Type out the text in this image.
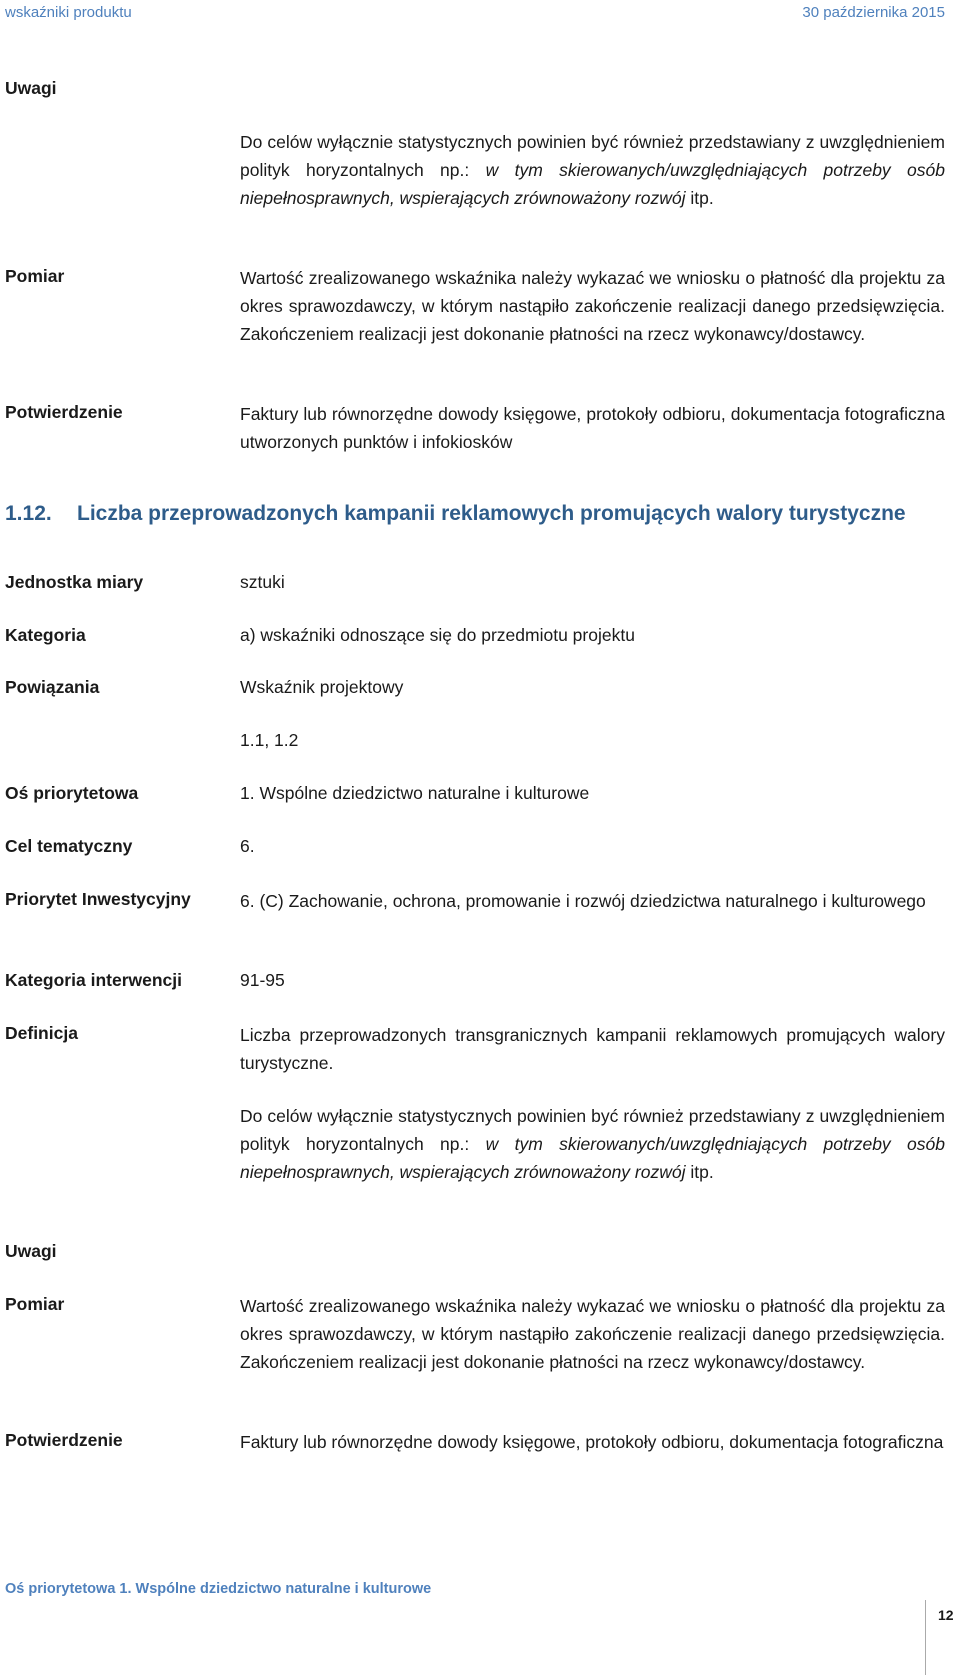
wskaźniki produktu	30 października 2015
Uwagi
Do celów wyłącznie statystycznych powinien być również przedstawiany z uwzględnieniem polityk horyzontalnych np.: w tym skierowanych/uwzględniających potrzeby osób niepełnosprawnych, wspierających zrównoważony rozwój itp.
Pomiar	Wartość zrealizowanego wskaźnika należy wykazać we wniosku o płatność dla projektu za okres sprawozdawczy, w którym nastąpiło zakończenie realizacji danego przedsięwzięcia. Zakończeniem realizacji jest dokonanie płatności na rzecz wykonawcy/dostawcy.
Potwierdzenie	Faktury lub równorzędne dowody księgowe, protokoły odbioru, dokumentacja fotograficzna utworzonych punktów i infokiosków
1.12. Liczba przeprowadzonych kampanii reklamowych promujących walory turystyczne
Jednostka miary	sztuki
Kategoria	a) wskaźniki odnoszące się do przedmiotu projektu
Powiązania	Wskaźnik projektowy
1.1, 1.2
Oś priorytetowa	1. Wspólne dziedzictwo naturalne i kulturowe
Cel tematyczny	6.
Priorytet Inwestycyjny	6. (C) Zachowanie, ochrona, promowanie i rozwój dziedzictwa naturalnego i kulturowego
Kategoria interwencji	91-95
Definicja	Liczba przeprowadzonych transgranicznych kampanii reklamowych promujących walory turystyczne.
Do celów wyłącznie statystycznych powinien być również przedstawiany z uwzględnieniem polityk horyzontalnych np.: w tym skierowanych/uwzględniających potrzeby osób niepełnosprawnych, wspierających zrównoważony rozwój itp.
Uwagi
Pomiar	Wartość zrealizowanego wskaźnika należy wykazać we wniosku o płatność dla projektu za okres sprawozdawczy, w którym nastąpiło zakończenie realizacji danego przedsięwzięcia. Zakończeniem realizacji jest dokonanie płatności na rzecz wykonawcy/dostawcy.
Potwierdzenie	Faktury lub równorzędne dowody księgowe, protokoły odbioru, dokumentacja fotograficzna
Oś priorytetowa 1. Wspólne dziedzictwo naturalne i kulturowe
12
